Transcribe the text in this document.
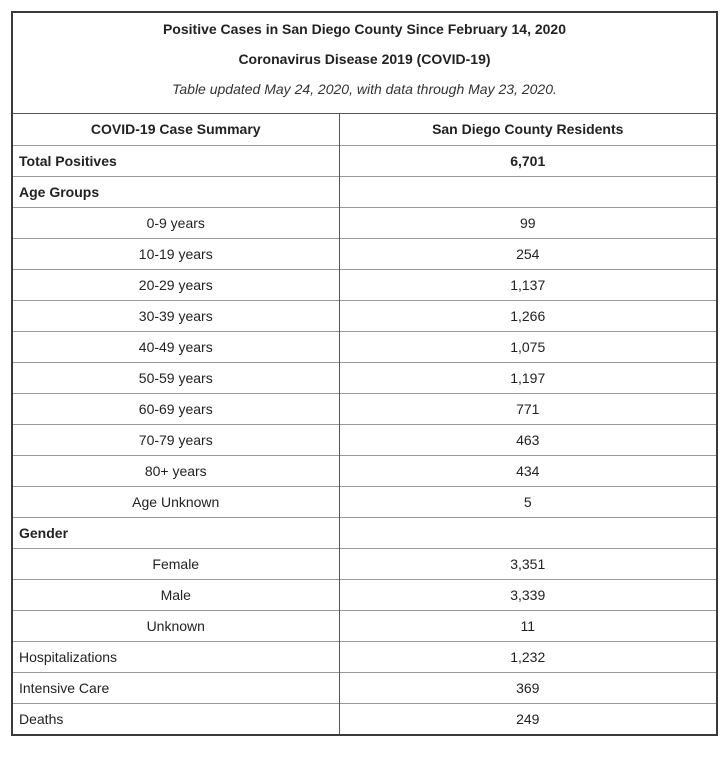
Positive Cases in San Diego County Since February 14, 2020
Coronavirus Disease 2019 (COVID-19)
Table updated May 24, 2020, with data through May 23, 2020.
COVID-19 Case Summary	San Diego County Residents
Total Positives	6,701
Age Groups	
0-9 years	99
10-19 years	254
20-29 years	1,137
30-39 years	1,266
40-49 years	1,075
50-59 years	1,197
60-69 years	771
70-79 years	463
80+ years	434
Age Unknown	5
Gender	
Female	3,351
Male	3,339
Unknown	11
Hospitalizations	1,232
Intensive Care	369
Deaths	249
